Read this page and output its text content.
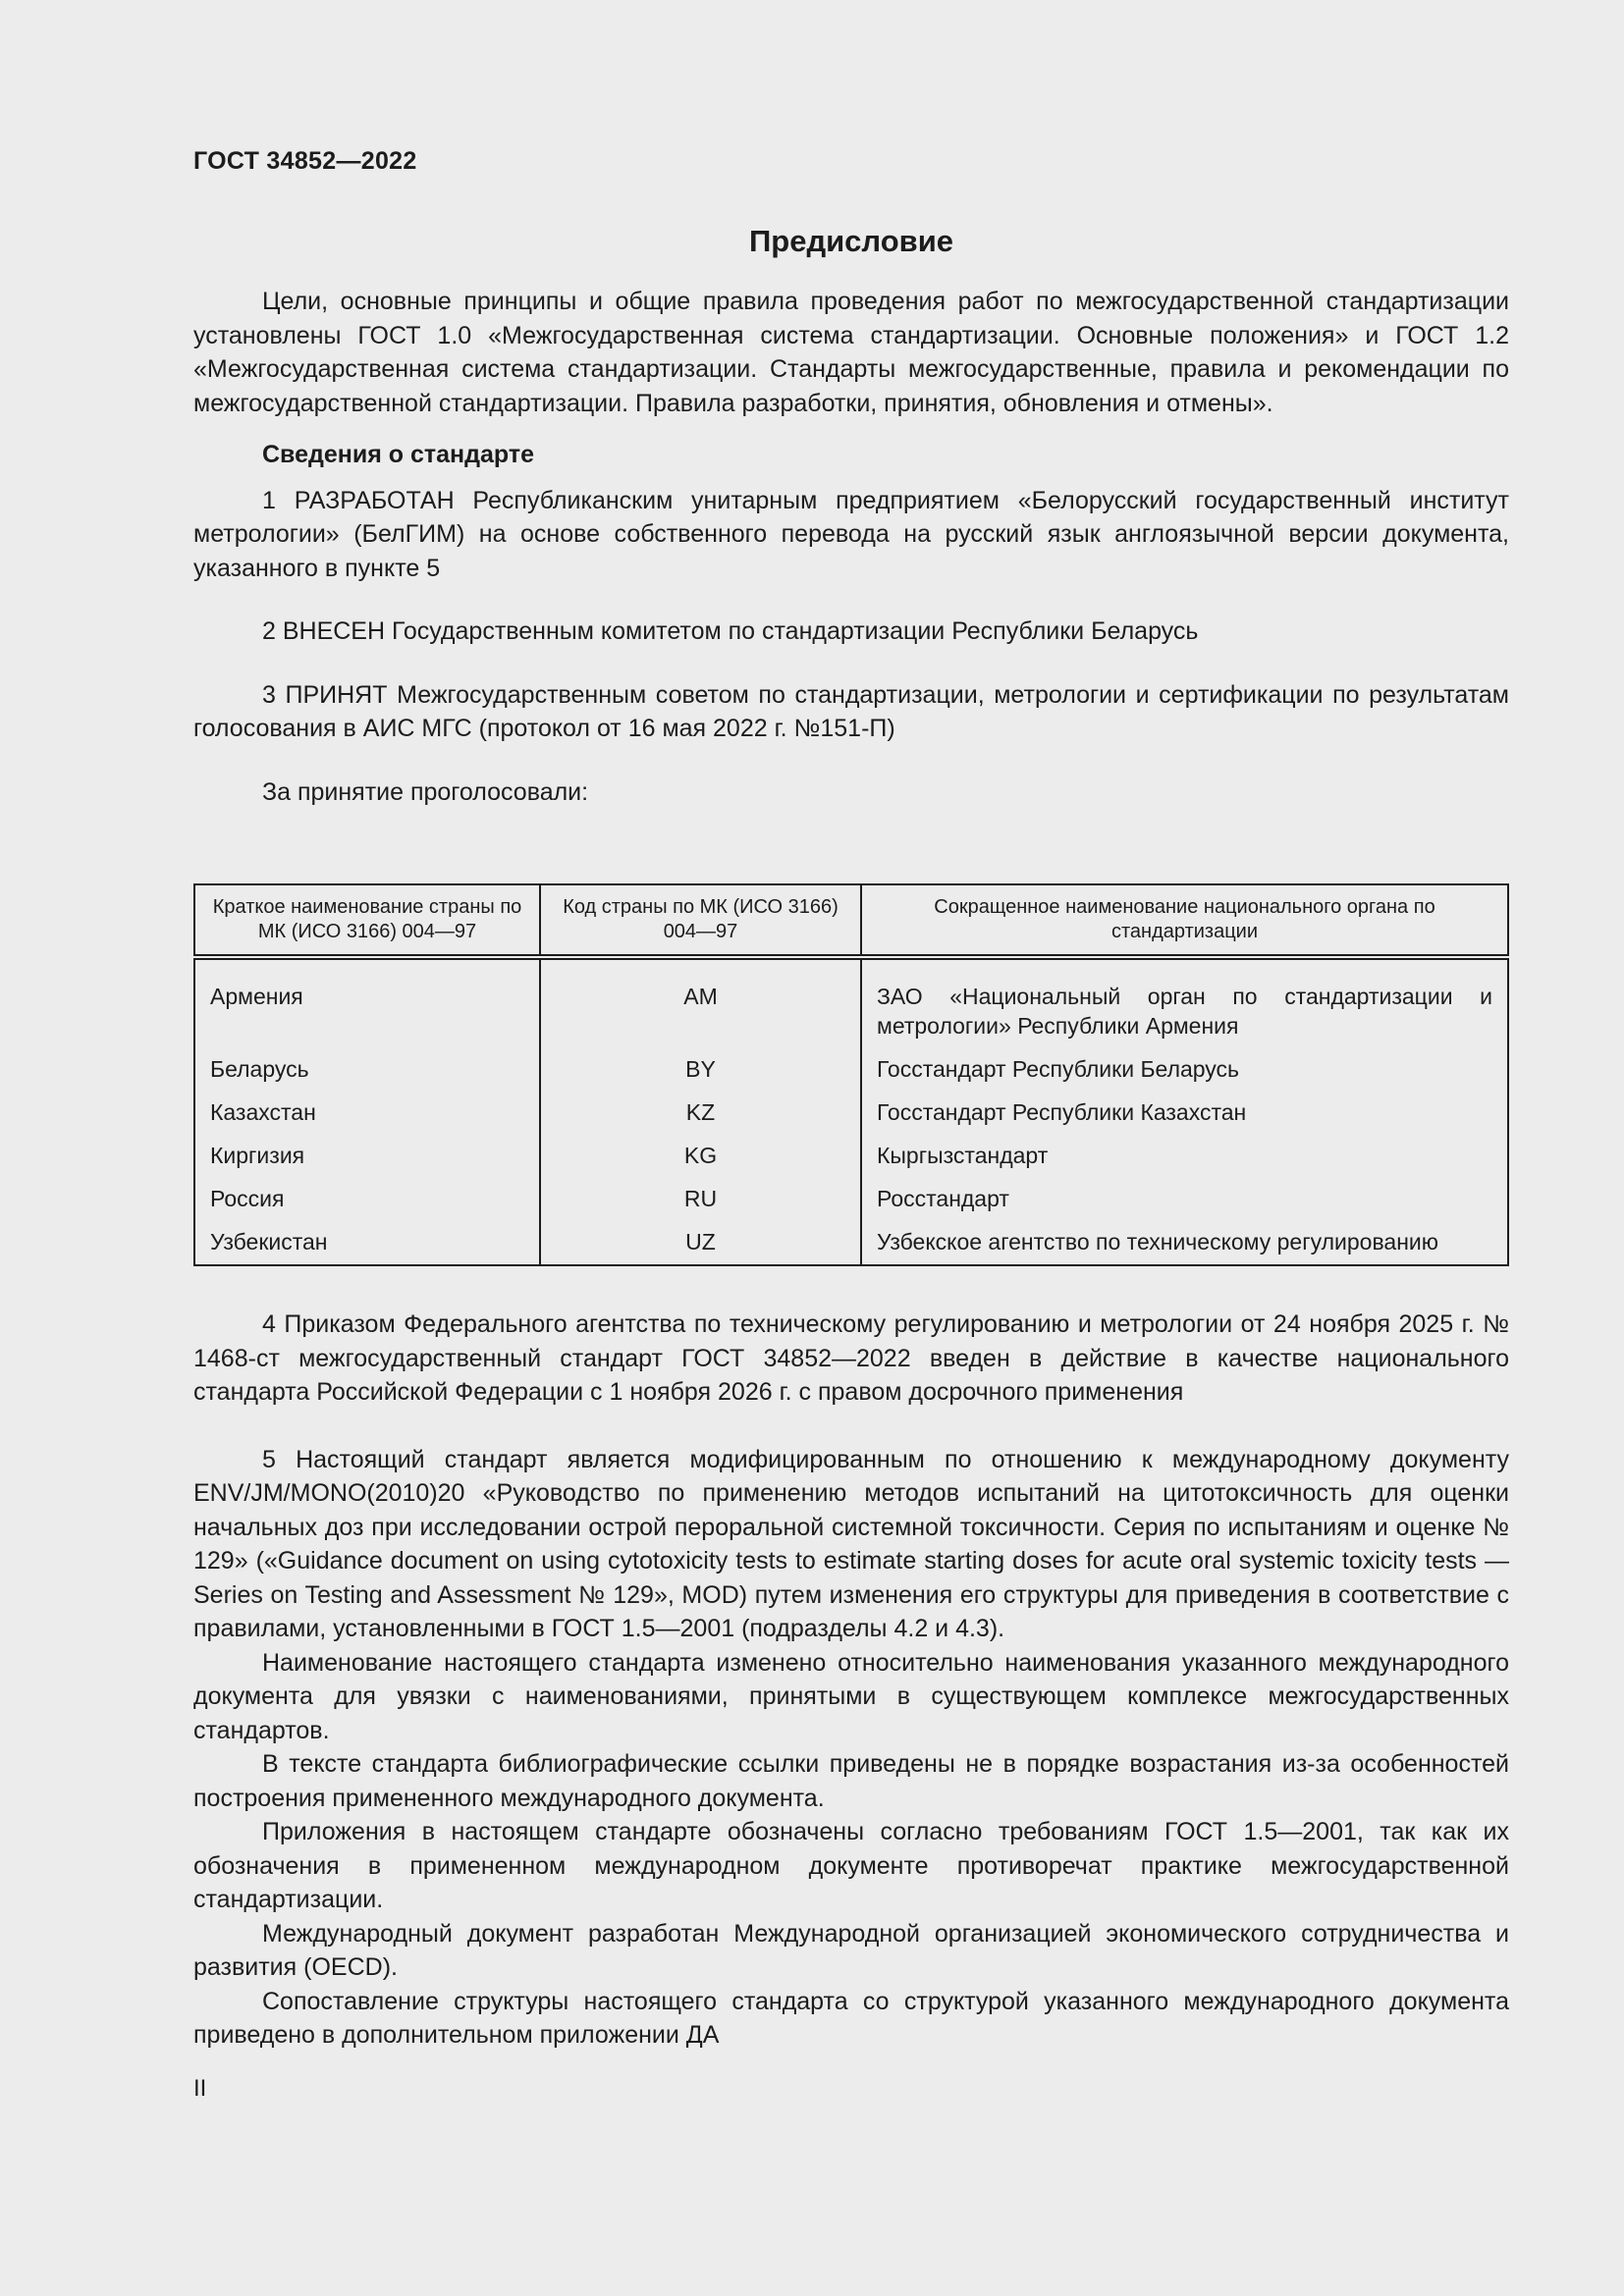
ГОСТ 34852—2022
Предисловие

Цели, основные принципы и общие правила проведения работ по межгосударственной стандартизации установлены ГОСТ 1.0 «Межгосударственная система стандартизации. Основные положения» и ГОСТ 1.2 «Межгосударственная система стандартизации. Стандарты межгосударственные, правила и рекомендации по межгосударственной стандартизации. Правила разработки, принятия, обновления и отмены».

Сведения о стандарте

1 РАЗРАБОТАН Республиканским унитарным предприятием «Белорусский государственный институт метрологии» (БелГИМ) на основе собственного перевода на русский язык англоязычной версии документа, указанного в пункте 5

2 ВНЕСЕН Государственным комитетом по стандартизации Республики Беларусь

3 ПРИНЯТ Межгосударственным советом по стандартизации, метрологии и сертификации по результатам голосования в АИС МГС (протокол от 16 мая 2022 г. №151-П)

За принятие проголосовали:

Краткое наименование страны по МК (ИСО 3166) 004—97	Код страны по МК (ИСО 3166) 004—97	Сокращенное наименование национального органа по стандартизации

Армения	AM	ЗАО «Национальный орган по стандартизации и метрологии» Республики Армения
Беларусь	BY	Госстандарт Республики Беларусь
Казахстан	KZ	Госстандарт Республики Казахстан
Киргизия	KG	Кыргызстандарт
Россия	RU	Росстандарт
Узбекистан	UZ	Узбекское агентство по техническому регулированию

4 Приказом Федерального агентства по техническому регулированию и метрологии от 24 ноября 2025 г. № 1468-ст межгосударственный стандарт ГОСТ 34852—2022 введен в действие в качестве национального стандарта Российской Федерации с 1 ноября 2026 г. с правом досрочного применения

5 Настоящий стандарт является модифицированным по отношению к международному документу ENV/JM/MONO(2010)20 «Руководство по применению методов испытаний на цитотоксичность для оценки начальных доз при исследовании острой пероральной системной токсичности. Серия по испытаниям и оценке № 129» («Guidance document on using cytotoxicity tests to estimate starting doses for acute oral systemic toxicity tests — Series on Testing and Assessment № 129», MOD) путем изменения его структуры для приведения в соответствие с правилами, установленными в ГОСТ 1.5—2001 (подразделы 4.2 и 4.3).

Наименование настоящего стандарта изменено относительно наименования указанного международного документа для увязки с наименованиями, принятыми в существующем комплексе межгосударственных стандартов.

В тексте стандарта библиографические ссылки приведены не в порядке возрастания из-за особенностей построения примененного международного документа.

Приложения в настоящем стандарте обозначены согласно требованиям ГОСТ 1.5—2001, так как их обозначения в примененном международном документе противоречат практике межгосударственной стандартизации.

Международный документ разработан Международной организацией экономического сотрудничества и развития (OECD).

Сопоставление структуры настоящего стандарта со структурой указанного международного документа приведено в дополнительном приложении ДА

II
